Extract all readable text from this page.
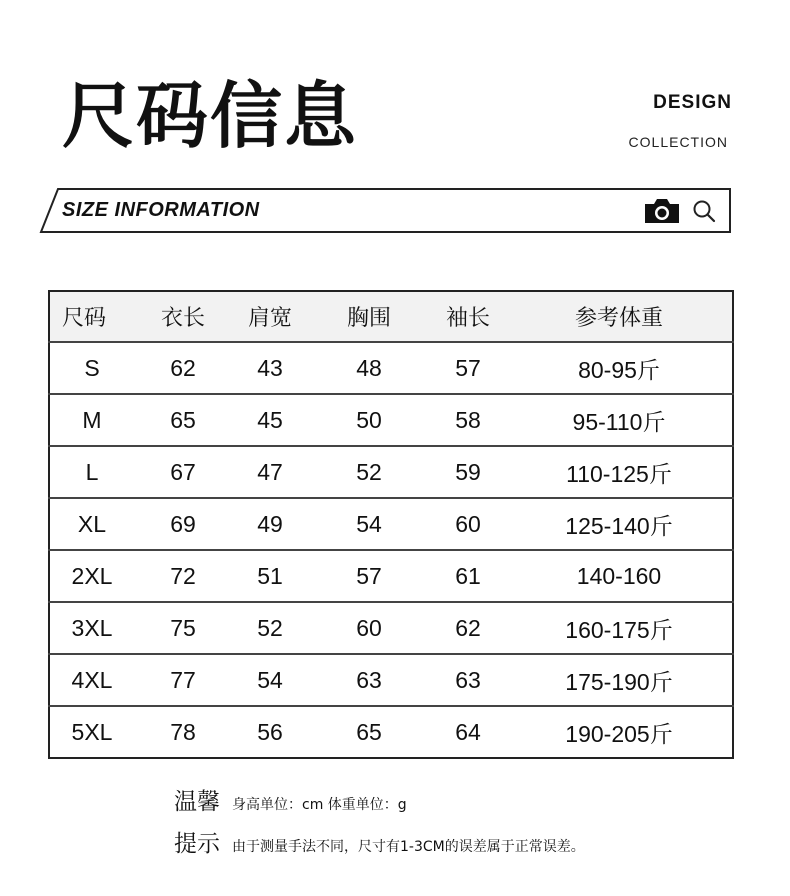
尺码信息	DESIGN
COLLECTION
SIZE INFORMATION
尺码	衣长	肩宽	胸围	袖长	参考体重
S	62	43	48	57	80-95斤
M	65	45	50	58	95-110斤
L	67	47	52	59	110-125斤
XL	69	49	54	60	125-140斤
2XL	72	51	57	61	140-160
3XL	75	52	60	62	160-175斤
4XL	77	54	63	63	175-190斤
5XL	78	56	65	64	190-205斤
温馨 身高单位：cm 体重单位：g
提示 由于测量手法不同，尺寸有1-3CM的误差属于正常误差。
